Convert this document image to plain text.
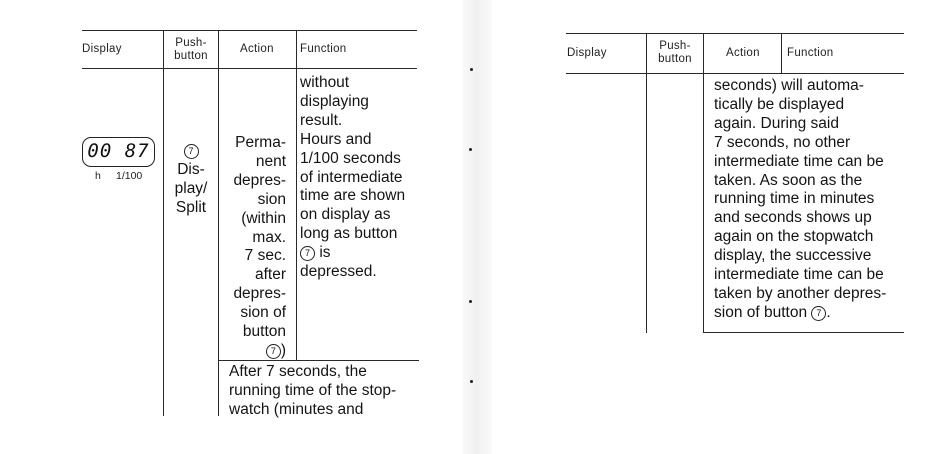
Display	Push-
button
Action Function
00 87
h 1/100
7
Dis-
play/
Split
Perma-
nent
depres-
sion
(within
max.
7 sec.
after
depres-
sion of
button
7 )
without
displaying
result.
Hours and
1/100 seconds
of intermediate
time are shown
on display as
long as button
7 is
depressed.
After 7 seconds, the
running time of the stop-
watch (minutes and
Display
Push-
button	Action Function
seconds) will automa-
tically be displayed
again. During said
7 seconds, no other
intermediate time can be
taken. As soon as the
running time in minutes
and seconds shows up
again on the stopwatch
display, the successive
intermediate time can be
taken by another depres-
sion of button 7 .
